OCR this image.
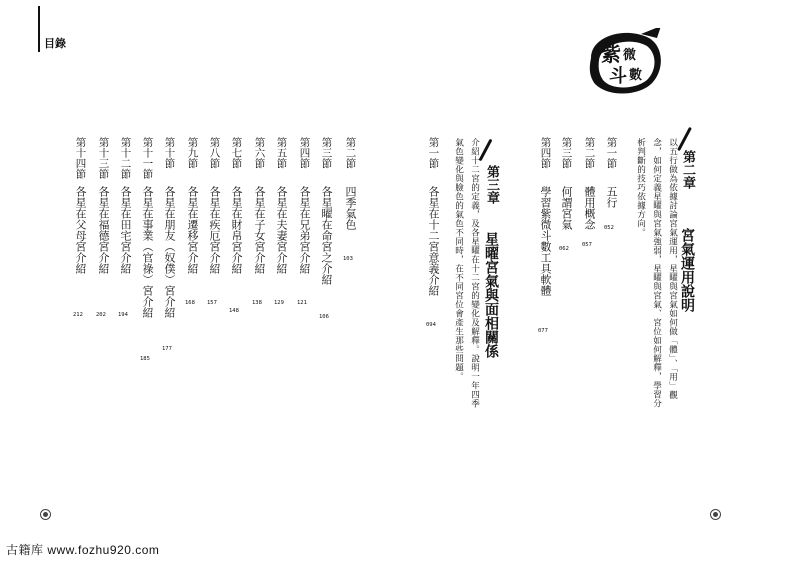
目錄
第二節
四季氣色
103
第三節
各星曜在命宮之介紹
106
第四節
各星在兄弟宮介紹
121
第五節
各星在夫妻宮介紹
129
第六節
各星在子女宮介紹
138
第七節
各星在財帛宮介紹
148
第八節
各星在疾厄宮介紹
157
第九節
各星在遷移宮介紹
168
第十節
各星在朋友（奴僕）宮介紹
177
第十一節
各星在事業（官祿）宮介紹
185
第十二節
各星在田宅宮介紹
194
第十三節
各星在福德宮介紹
202
第十四節
各星在父母宮介紹
212
紫 微
斗 數
第二章
宮氣運用說明
以五行做為依據討論宮氣運用，星曜與宮氣如何做「體」、「用」觀
念，如何定義星曜與宮氣強弱，星曜與宮氣、宮位如何解釋，學習分
析判斷的技巧依據方向。
第一節
五行
052
第二節
體用概念
057
第三節
何謂宮氣
062
第四節
學習紫微斗數工具軟體
077
第三章
星曜宮氣與面相關係
介紹十二宮的定義，及各星曜在十二宮的變化及解釋。說明一年四季
氣色變化與臉色的氣色不同時，在不同宮位會產生那些問題。
第一節
各星在十二宮意義介紹
094
古籍库 www.fozhu920.com
